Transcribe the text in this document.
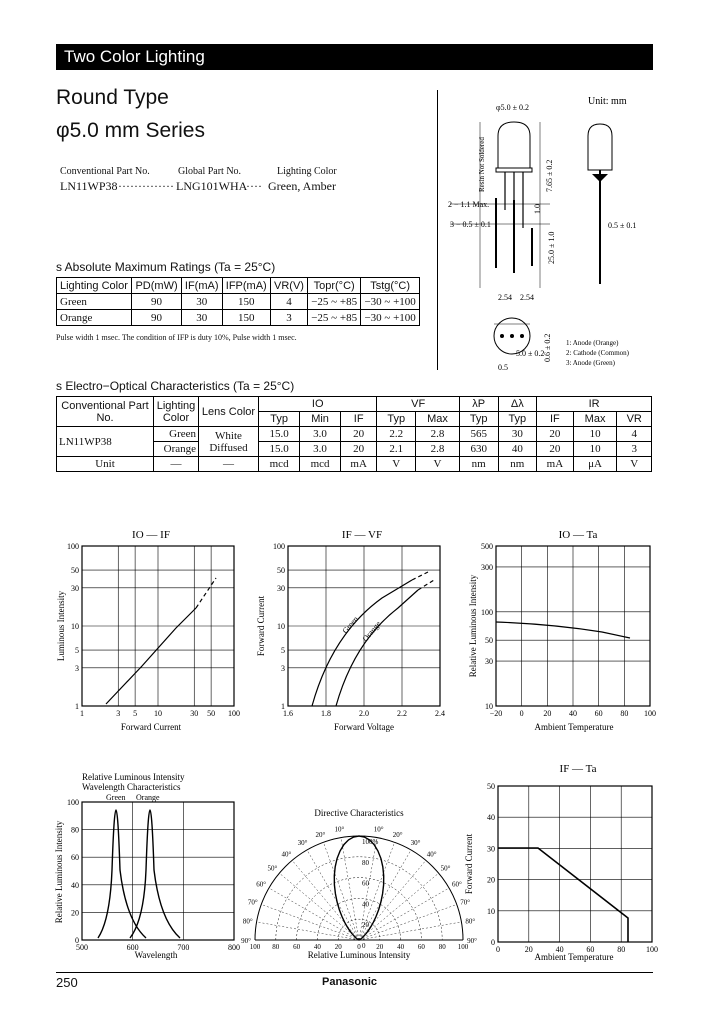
Two Color Lighting
Round Type
φ5.0 mm Series
Conventional Part No.	Global Part No.	Lighting Color
LN11WP38 ·············· LNG101WHA
···· Green, Amber
s Absolute Maximum Ratings (Ta = 25°C)
Lighting Color	PD(mW)	IF(mA)	IFP(mA)	VR(V)	Topr(°C)	Tstg(°C)
Green	90	30	150	4	−25 ~ +85	−30 ~ +100
Orange	90	30	150	3	−25 ~ +85	−30 ~ +100
Pulse width 1 msec. The condition of IFP is duty 10%, Pulse width 1 msec.
s Electro−Optical Characteristics (Ta = 25°C)
Conventional Part No.	Lighting Color	Lens Color	IO			VF		λP	Δλ	IR		
			Typ	Min	IF	Typ	Max	Typ	Typ	IF	Max	VR
LN11WP38	Green	White Diffused	15.0	3.0	20	2.2	2.8	565	30	20	10	4
	Orange		15.0	3.0	20	2.1	2.8	630	40	20	10	3
Unit	—	—	mcd	mcd	mA	V	V	nm	nm	mA	μA	V
Unit: mm
φ5.0 ± 0.2
2 − 1.1 Max.
3 − 0.5 ± 0.1
2.54 2.54
Resin Not Soldered	7.65 ± 0.2
1.0
25.0 ± 1.0
0.5 ± 0.1
5.0 ± 0.2
0.6 ± 0.2 1: Anode (Orange)
2: Cathode (Common)
3: Anode (Green)
0.5
IO — IF
1	3 5 10	30 50 100
1
3
5
10
30
50
100
Forward Current
Luminous Intensity
IF — VF
1.6	1.8	2.0	2.2	2.4
1
3
5
10
30
50
100
Green Orange
Forward Voltage
Forward Current
IO — Ta
−20 0 20 40 60 80 100
10
30
50
100
300
500
Ambient Temperature
Relative Luminous Intensity
Relative Luminous Intensity
Wavelength Characteristics
500	600	700	800
0
20
40
60
80
100
Green Orange
Wavelength
Relative Luminous Intensity
Directive Characteristics
10°
10°
20°
20°
30°
30°
40°
40°
50°
50°
60°
60°
70°
70°
80°
80°
90°
90°
100%
80
60
40
20
0
100 80 60 40 20 0 20 40 60 80 100
Relative Luminous Intensity
IF — Ta
0	20	40	60	80	100
0
10
20
30
40
50
Ambient Temperature
Forward Current
250	Panasonic
